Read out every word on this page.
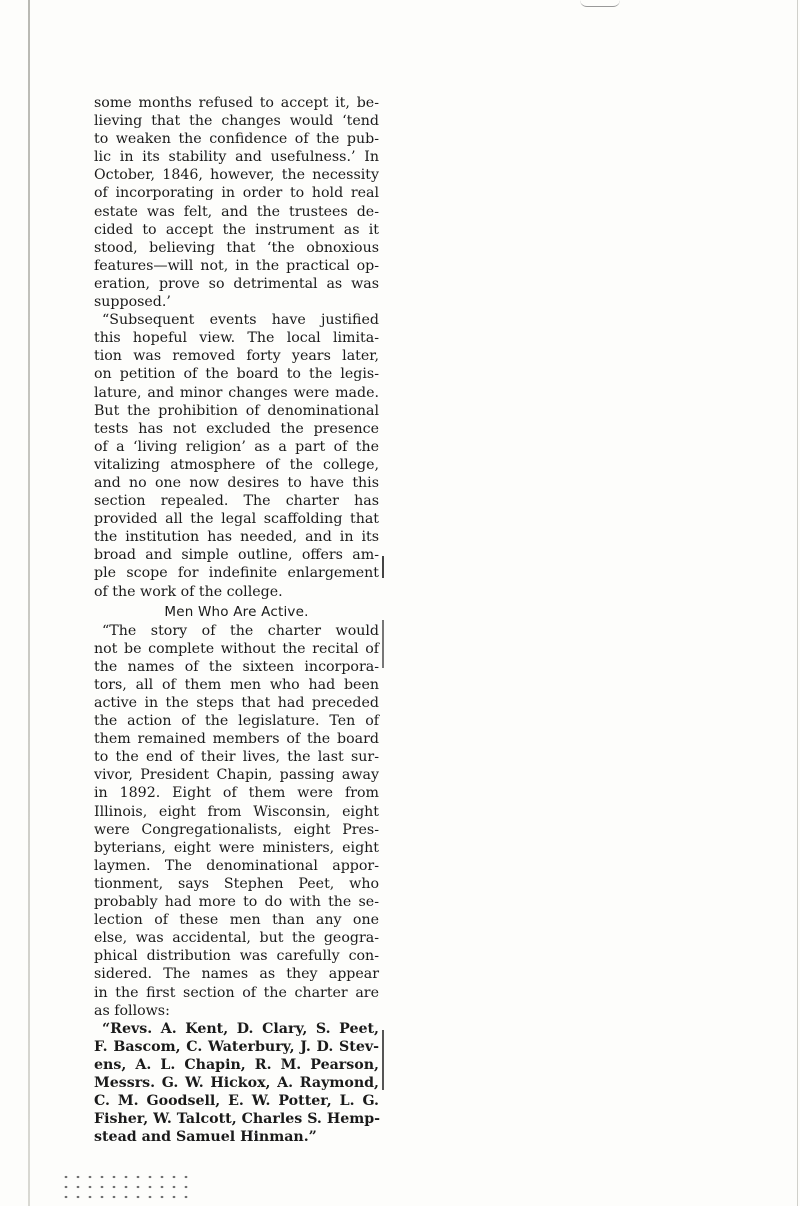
some months refused to accept it, be-
lieving that the changes would ‘tend
to weaken the confidence of the pub-
lic in its stability and usefulness.’ In
October, 1846, however, the necessity
of incorporating in order to hold real
estate was felt, and the trustees de-
cided to accept the instrument as it
stood, believing that ‘the obnoxious
features—will not, in the practical op-
eration, prove so detrimental as was
supposed.’
“Subsequent events have justified
this hopeful view. The local limita-
tion was removed forty years later,
on petition of the board to the legis-
lature, and minor changes were made.
But the prohibition of denominational
tests has not excluded the presence
of a ‘living religion’ as a part of the
vitalizing atmosphere of the college,
and no one now desires to have this
section repealed. The charter has
provided all the legal scaffolding that
the institution has needed, and in its
broad and simple outline, offers am-
ple scope for indefinite enlargement
of the work of the college.
Men Who Are Active.
“The story of the charter would
not be complete without the recital of
the names of the sixteen incorpora-
tors, all of them men who had been
active in the steps that had preceded
the action of the legislature. Ten of
them remained members of the board
to the end of their lives, the last sur-
vivor, President Chapin, passing away
in 1892. Eight of them were from
Illinois, eight from Wisconsin, eight
were Congregationalists, eight Pres-
byterians, eight were ministers, eight
laymen. The denominational appor-
tionment, says Stephen Peet, who
probably had more to do with the se-
lection of these men than any one
else, was accidental, but the geogra-
phical distribution was carefully con-
sidered. The names as they appear
in the first section of the charter are
as follows:
“Revs. A. Kent, D. Clary, S. Peet,
F. Bascom, C. Waterbury, J. D. Stev-
ens, A. L. Chapin, R. M. Pearson,
Messrs. G. W. Hickox, A. Raymond,
C. M. Goodsell, E. W. Potter, L. G.
Fisher, W. Talcott, Charles S. Hemp-
stead and Samuel Hinman.”
